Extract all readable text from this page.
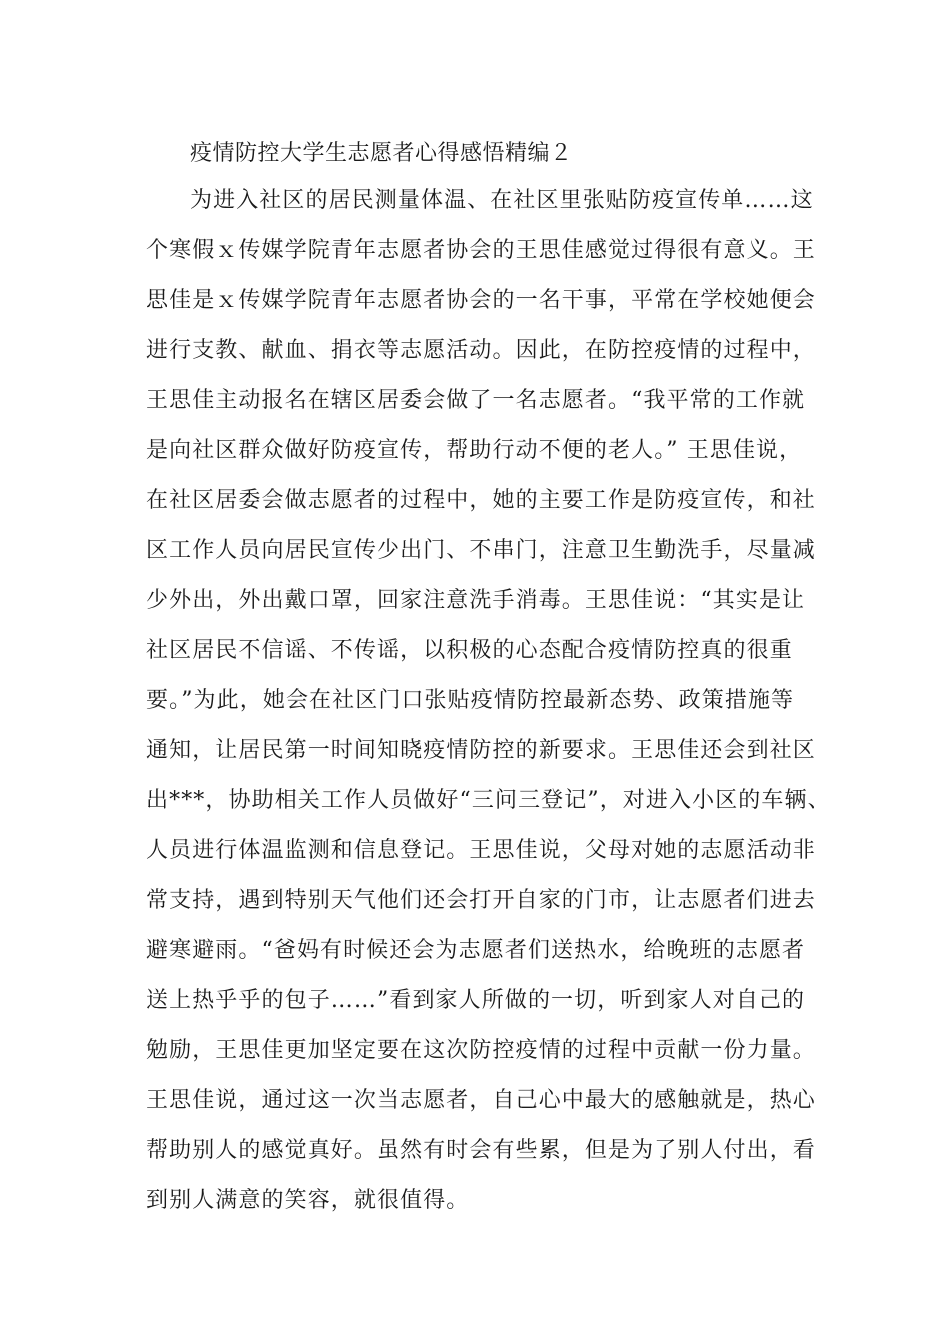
疫情防控大学生志愿者心得感悟精编２
为进入社区的居民测量体温、在社区里张贴防疫宣传单……这
个寒假ｘ传媒学院青年志愿者协会的王思佳感觉过得很有意义。王
思佳是ｘ传媒学院青年志愿者协会的一名干事，平常在学校她便会
进行支教、献血、捐衣等志愿活动。因此，在防控疫情的过程中，
王思佳主动报名在辖区居委会做了一名志愿者。“我平常的工作就
是向社区群众做好防疫宣传，帮助行动不便的老人。” 王思佳说，
在社区居委会做志愿者的过程中，她的主要工作是防疫宣传，和社
区工作人员向居民宣传少出门、不串门，注意卫生勤洗手，尽量减
少外出，外出戴口罩，回家注意洗手消毒。王思佳说：“其实是让
社区居民不信谣、不传谣，以积极的心态配合疫情防控真的很重
要。”为此，她会在社区门口张贴疫情防控最新态势、政策措施等
通知，让居民第一时间知晓疫情防控的新要求。王思佳还会到社区
出***，协助相关工作人员做好“三问三登记”，对进入小区的车辆、
人员进行体温监测和信息登记。王思佳说，父母对她的志愿活动非
常支持，遇到特别天气他们还会打开自家的门市，让志愿者们进去
避寒避雨。“爸妈有时候还会为志愿者们送热水，给晚班的志愿者
送上热乎乎的包子……”看到家人所做的一切，听到家人对自己的
勉励，王思佳更加坚定要在这次防控疫情的过程中贡献一份力量。
王思佳说，通过这一次当志愿者，自己心中最大的感触就是，热心
帮助别人的感觉真好。虽然有时会有些累，但是为了别人付出，看
到别人满意的笑容，就很值得。
